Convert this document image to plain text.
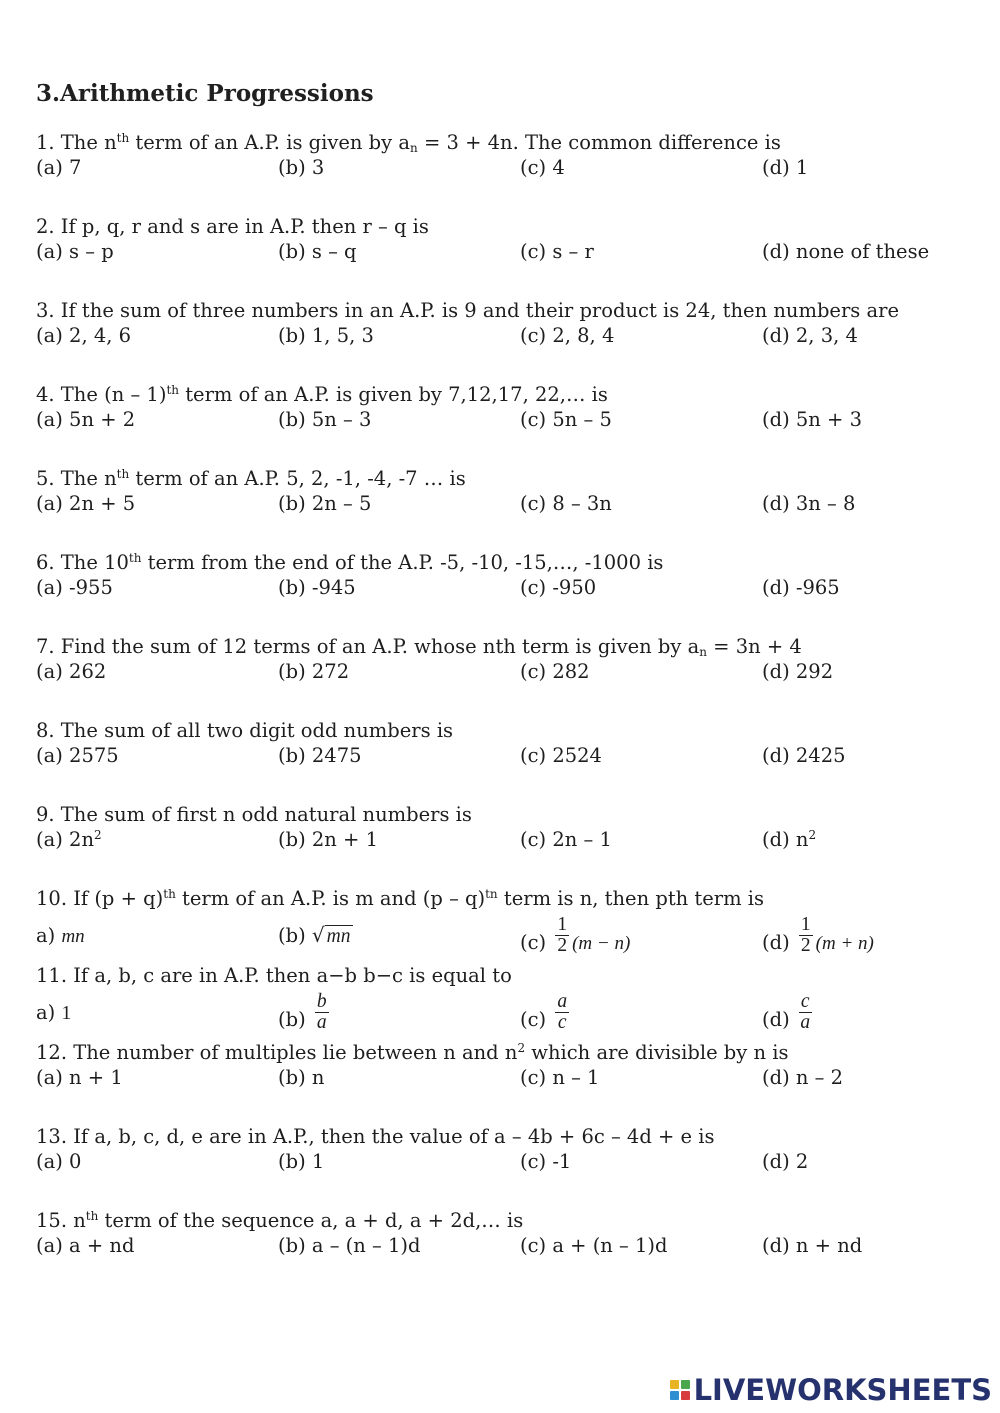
3.Arithmetic Progressions
1. The $n^{th}$ term of an A.P. is given by $a_n = 3 + 4n$. The common difference is
(a) 7	(b) 3	(c) 4	(d) 1
2. If p, q, r and s are in A.P. then r – q is
(a) s – p	(b) s – q	(c) s – r	(d) none of these
3. If the sum of three numbers in an A.P. is 9 and their product is 24, then numbers are
(a) 2, 4, 6	(b) 1, 5, 3	(c) 2, 8, 4	(d) 2, 3, 4
4. The (n – 1)$^{th}$ term of an A.P. is given by 7,12,17, 22,… is
(a) 5n + 2	(b) 5n – 3	(c) 5n – 5	(d) 5n + 3
5. The $n^{th}$ term of an A.P. 5, 2, -1, -4, -7 … is
(a) 2n + 5	(b) 2n – 5	(c) 8 – 3n	(d) 3n – 8
6. The 10th term from the end of the A.P. -5, -10, -15,…, -1000 is
(a) -955	(b) -945	(c) -950	(d) -965
7. Find the sum of 12 terms of an A.P. whose nth term is given by $a_n = 3n + 4$
(a) 262	(b) 272	(c) 282	(d) 292
8. The sum of all two digit odd numbers is
(a) 2575	(b) 2475	(c) 2524	(d) 2425
9. The sum of first n odd natural numbers is
(a) $2n^2$	(b) 2n + 1	(c) 2n – 1	(d) $n^2$
10. If $(p + q)^{th}$ term of an A.P. is m and (p – q)$^{tn}$ term is n, then pth term is
a) mn	(b) √ mn	$(c) \frac{1}{2} (m - n)$	$(d) \frac{1}{2} (m + n)$
11. If a, b, c are in A.P. then a−b b−c is equal to
a) 1	$(b) \frac{b}{a}$	$(c) \frac{a}{c}$	$(d) \frac{c}{a}$
12. The number of multiples lie between n and $n^2$ which are divisible by n is
(a) n + 1	(b) n	(c) n – 1	(d) n – 2
13. If a, b, c, d, e are in A.P., then the value of a – 4b + 6c – 4d + e is
(a) 0	(b) 1	(c) -1	(d) 2
15. $n^{th}$ term of the sequence a, a + d, a + 2d,… is
(a) a + nd	(b) a – (n – 1)d	(c) a + (n – 1)d	(d) n + nd
LIVEWORKSHEETS
